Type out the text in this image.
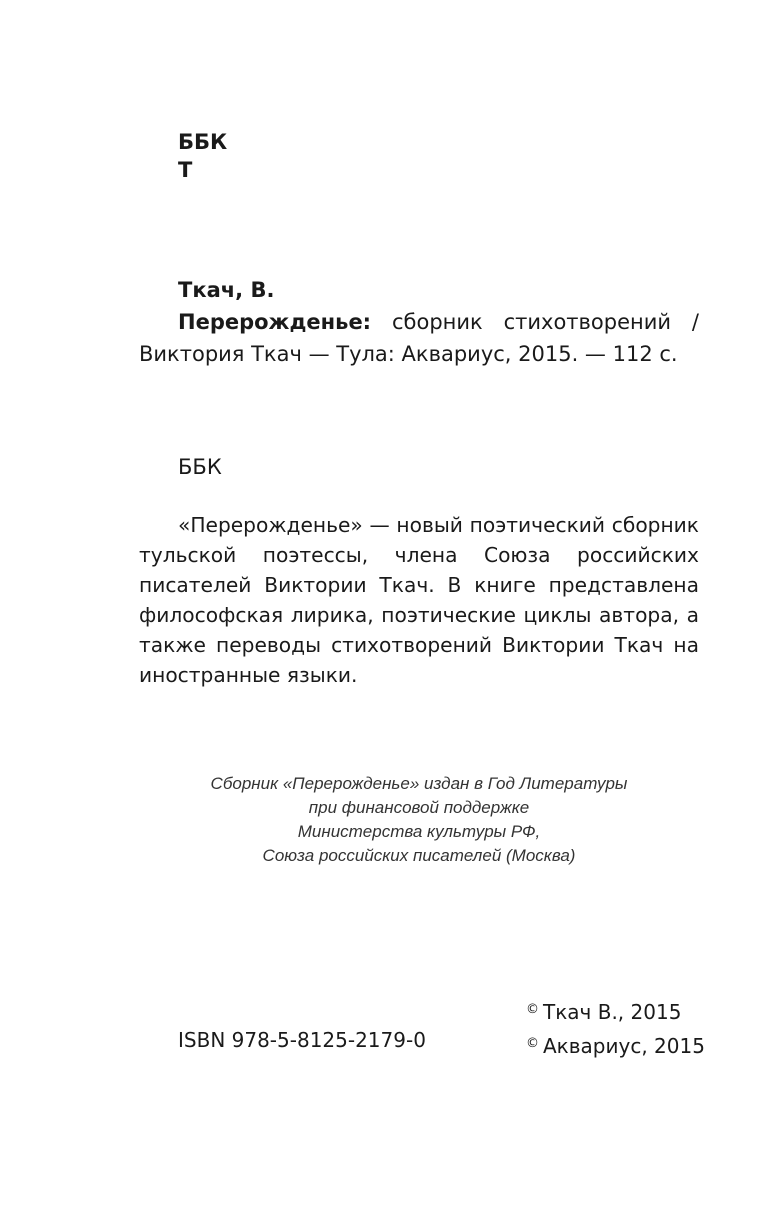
ББК
Т
Ткач, В.
Перерожденье: сборник стихотворений / Виктория Ткач — Тула: Аквариус, 2015. — 112 с.
ББК
«Перерожденье» — новый поэтический сборник тульской поэтессы, члена Союза российских писателей Виктории Ткач. В книге представлена философская лирика, поэтические циклы автора, а также переводы стихотворений Виктории Ткач на иностранные языки.
Сборник «Перерожденье» издан в Год Литературы
при финансовой поддержке
Министерства культуры РФ,
Союза российских писателей (Москва)
© Ткач В., 2015
© Аквариус, 2015
ISBN 978-5-8125-2179-0
